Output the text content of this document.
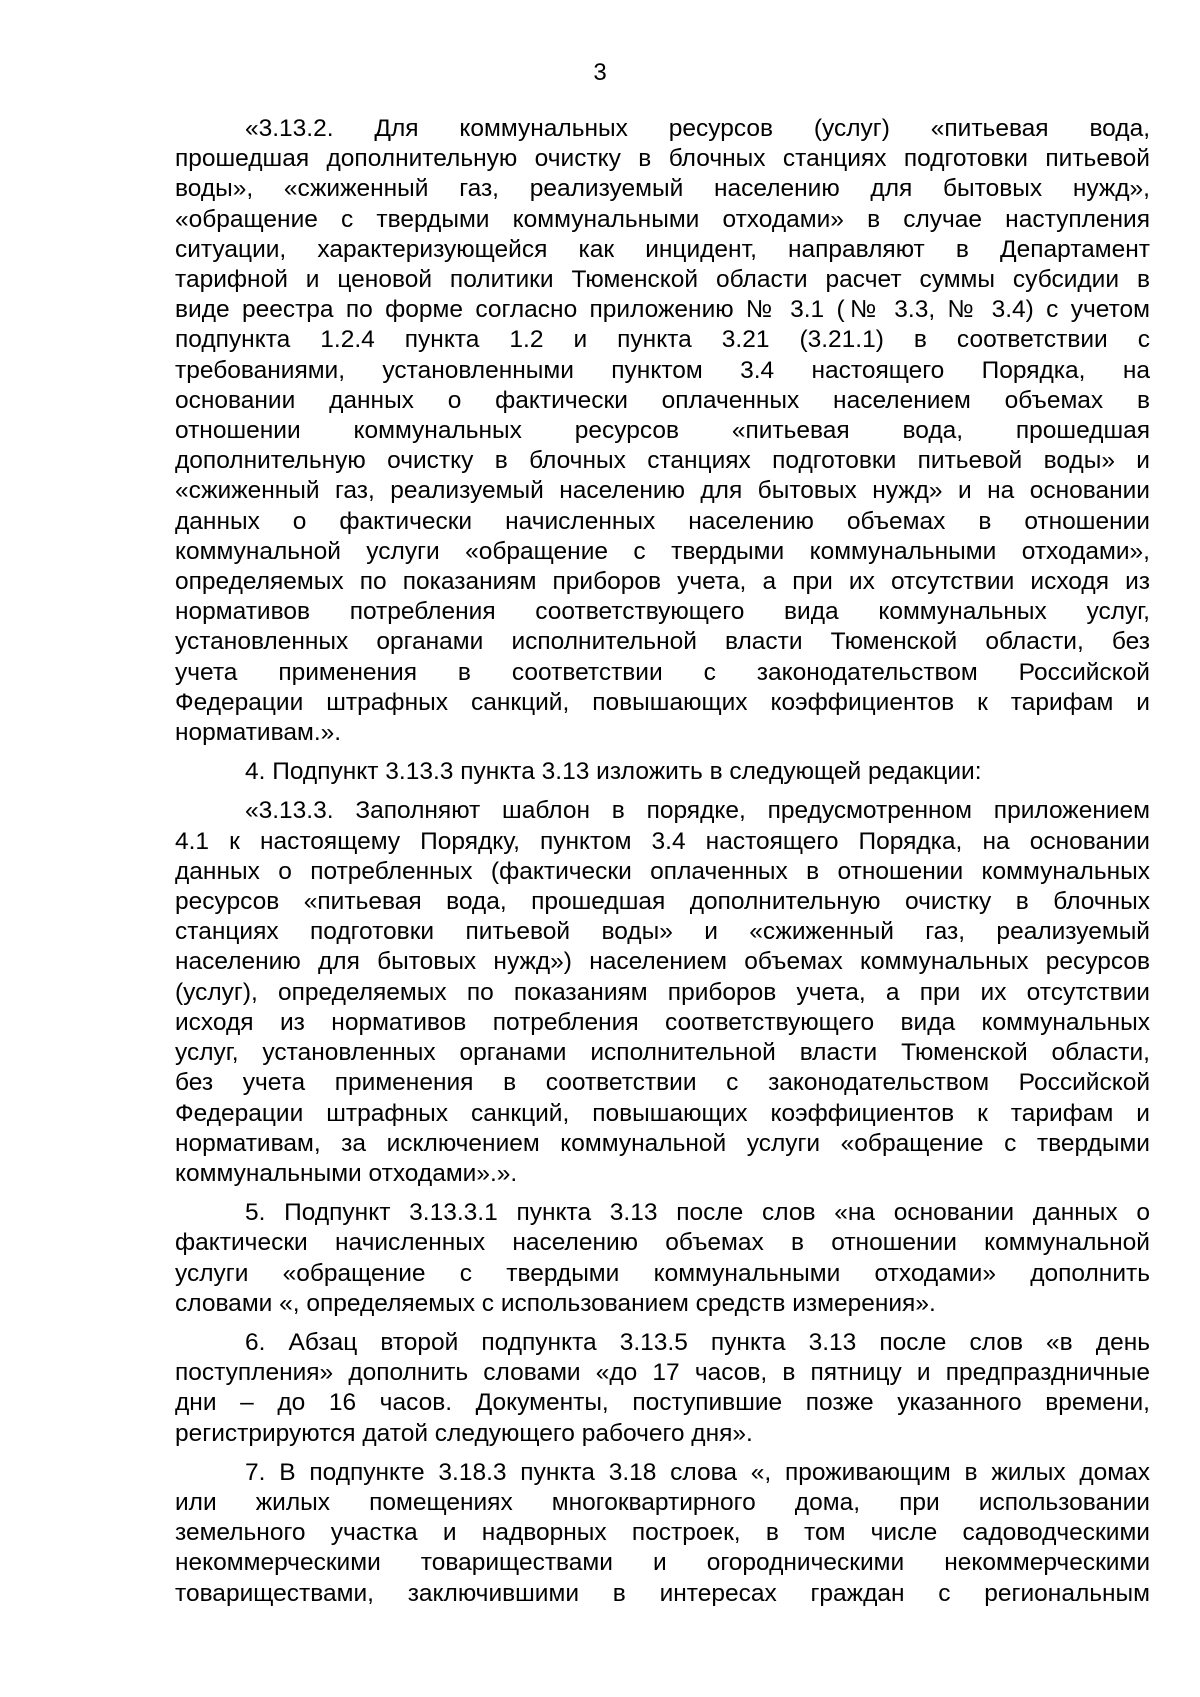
3

«3.13.2. Для коммунальных ресурсов (услуг) «питьевая вода,
прошедшая дополнительную очистку в блочных станциях подготовки питьевой
воды», «сжиженный газ, реализуемый населению для бытовых нужд»,
«обращение с твердыми коммунальными отходами» в случае наступления
ситуации, характеризующейся как инцидент, направляют в Департамент
тарифной и ценовой политики Тюменской области расчет суммы субсидии в
виде реестра по форме согласно приложению № 3.1 (№ 3.3, № 3.4) с учетом
подпункта 1.2.4 пункта 1.2 и пункта 3.21 (3.21.1) в соответствии с
требованиями, установленными пунктом 3.4 настоящего Порядка, на
основании данных о фактически оплаченных населением объемах в
отношении коммунальных ресурсов «питьевая вода, прошедшая
дополнительную очистку в блочных станциях подготовки питьевой воды» и
«сжиженный газ, реализуемый населению для бытовых нужд» и на основании
данных о фактически начисленных населению объемах в отношении
коммунальной услуги «обращение с твердыми коммунальными отходами»,
определяемых по показаниям приборов учета, а при их отсутствии исходя из
нормативов потребления соответствующего вида коммунальных услуг,
установленных органами исполнительной власти Тюменской области, без
учета применения в соответствии с законодательством Российской
Федерации штрафных санкций, повышающих коэффициентов к тарифам и
нормативам.».

4. Подпункт 3.13.3 пункта 3.13 изложить в следующей редакции:

«3.13.3. Заполняют шаблон в порядке, предусмотренном приложением
4.1 к настоящему Порядку, пунктом 3.4 настоящего Порядка, на основании
данных о потребленных (фактически оплаченных в отношении коммунальных
ресурсов «питьевая вода, прошедшая дополнительную очистку в блочных
станциях подготовки питьевой воды» и «сжиженный газ, реализуемый
населению для бытовых нужд») населением объемах коммунальных ресурсов
(услуг), определяемых по показаниям приборов учета, а при их отсутствии
исходя из нормативов потребления соответствующего вида коммунальных
услуг, установленных органами исполнительной власти Тюменской области,
без учета применения в соответствии с законодательством Российской
Федерации штрафных санкций, повышающих коэффициентов к тарифам и
нормативам, за исключением коммунальной услуги «обращение с твердыми
коммунальными отходами».».

5. Подпункт 3.13.3.1 пункта 3.13 после слов «на основании данных о
фактически начисленных населению объемах в отношении коммунальной
услуги «обращение с твердыми коммунальными отходами» дополнить
словами «, определяемых с использованием средств измерения».

6. Абзац второй подпункта 3.13.5 пункта 3.13 после слов «в день
поступления» дополнить словами «до 17 часов, в пятницу и предпраздничные
дни – до 16 часов. Документы, поступившие позже указанного времени,
регистрируются датой следующего рабочего дня».

7. В подпункте 3.18.3 пункта 3.18 слова «, проживающим в жилых домах
или жилых помещениях многоквартирного дома, при использовании
земельного участка и надворных построек, в том числе садоводческими
некоммерческими товариществами и огородническими некоммерческими
товариществами, заключившими в интересах граждан с региональным
